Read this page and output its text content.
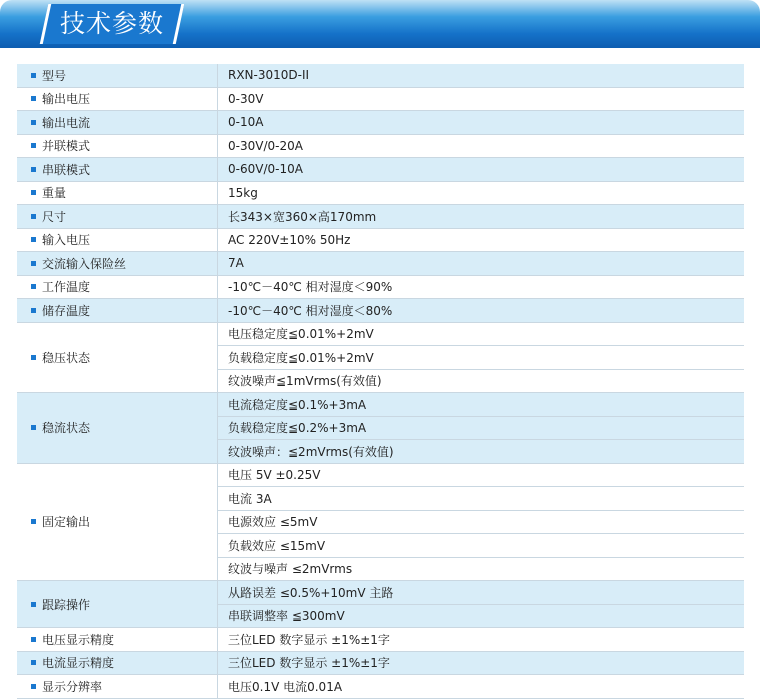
技术参数
型号	RXN-3010D-II
输出电压	0-30V
输出电流	0-10A
并联模式	0-30V/0-20A
串联模式	0-60V/0-10A
重量	15kg
尺寸	长343×宽360×高170mm
输入电压	AC 220V±10% 50Hz
交流输入保险丝	7A
工作温度	-10℃－40℃ 相对湿度＜90%
储存温度	-10℃－40℃ 相对湿度＜80%
稳压状态	电压稳定度≦0.01%+2mV
	负载稳定度≦0.01%+2mV
	纹波噪声≦1mVrms(有效值)
稳流状态	电流稳定度≦0.1%+3mA
	负载稳定度≦0.2%+3mA
	纹波噪声：≦2mVrms(有效值)
固定输出	电压 5V ±0.25V
	电流 3A
	电源效应 ≤5mV
	负载效应 ≤15mV
	纹波与噪声 ≤2mVrms
跟踪操作	从路误差 ≤0.5%+10mV 主路
	串联调整率 ≦300mV
电压显示精度	三位LED 数字显示 ±1%±1字
电流显示精度	三位LED 数字显示 ±1%±1字
显示分辨率	电压0.1V 电流0.01A
